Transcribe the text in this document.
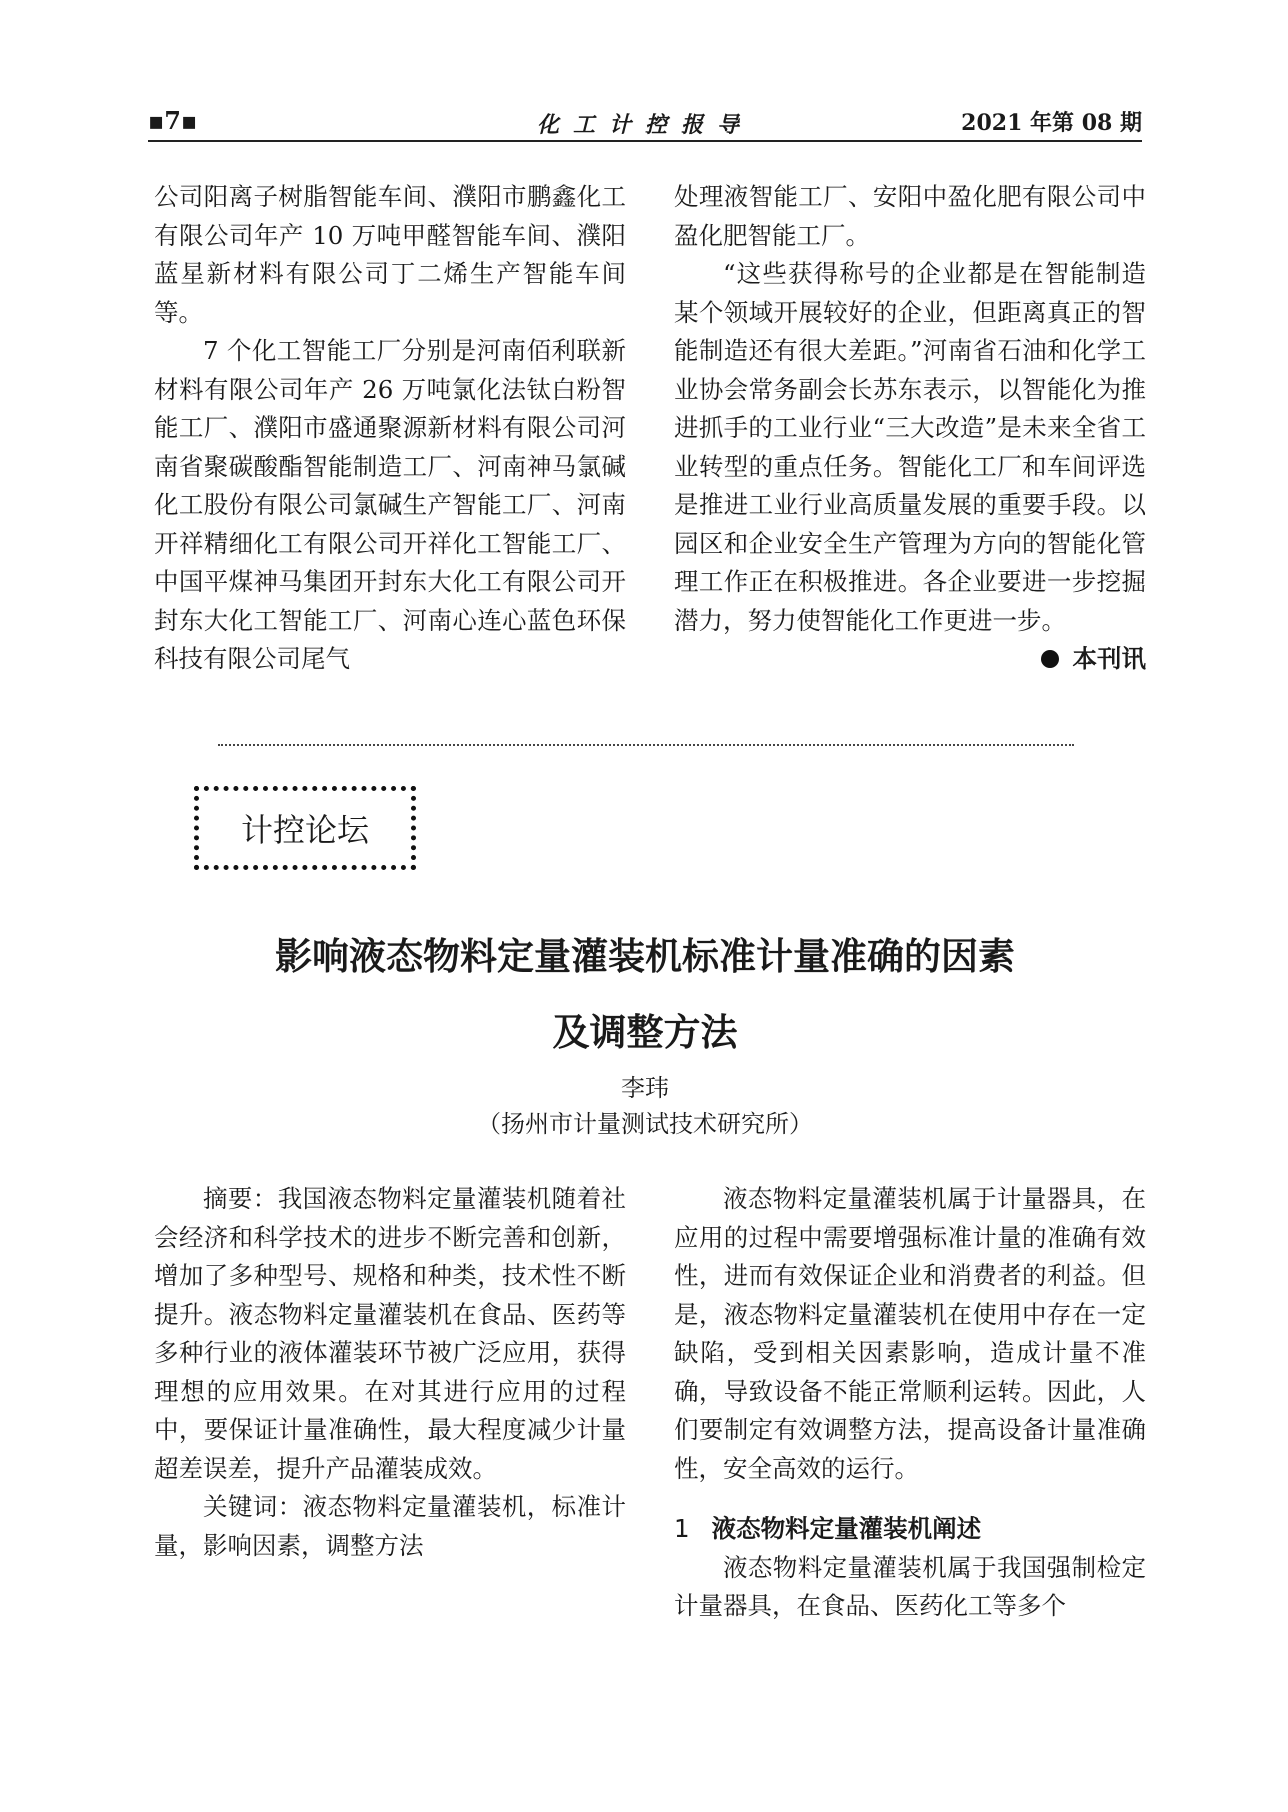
▪7▪	化工计控报导	2021 年第 08 期

公司阳离子树脂智能车间、濮阳市鹏鑫化工有限公司年产 10 万吨甲醛智能车间、濮阳蓝星新材料有限公司丁二烯生产智能车间等。

7 个化工智能工厂分别是河南佰利联新材料有限公司年产 26 万吨氯化法钛白粉智能工厂、濮阳市盛通聚源新材料有限公司河南省聚碳酸酯智能制造工厂、河南神马氯碱化工股份有限公司氯碱生产智能工厂、河南开祥精细化工有限公司开祥化工智能工厂、中国平煤神马集团开封东大化工有限公司开封东大化工智能工厂、河南心连心蓝色环保科技有限公司尾气

处理液智能工厂、安阳中盈化肥有限公司中盈化肥智能工厂。

“这些获得称号的企业都是在智能制造某个领域开展较好的企业，但距离真正的智能制造还有很大差距。”河南省石油和化学工业协会常务副会长苏东表示，以智能化为推进抓手的工业行业“三大改造”是未来全省工业转型的重点任务。智能化工厂和车间评选是推进工业行业高质量发展的重要手段。以园区和企业安全生产管理为方向的智能化管理工作正在积极推进。各企业要进一步挖掘潜力，努力使智能化工作更进一步。

本刊讯

计控论坛
影响液态物料定量灌装机标准计量准确的因素
及调整方法
李玮
（扬州市计量测试技术研究所）

摘要：我国液态物料定量灌装机随着社会经济和科学技术的进步不断完善和创新，增加了多种型号、规格和种类，技术性不断提升。液态物料定量灌装机在食品、医药等多种行业的液体灌装环节被广泛应用，获得理想的应用效果。在对其进行应用的过程中，要保证计量准确性，最大程度减少计量超差误差，提升产品灌装成效。

关键词：液态物料定量灌装机，标准计量，影响因素，调整方法

液态物料定量灌装机属于计量器具，在应用的过程中需要增强标准计量的准确有效性，进而有效保证企业和消费者的利益。但是，液态物料定量灌装机在使用中存在一定缺陷，受到相关因素影响，造成计量不准确，导致设备不能正常顺利运转。因此，人们要制定有效调整方法，提高设备计量准确性，安全高效的运行。

1 液态物料定量灌装机阐述

液态物料定量灌装机属于我国强制检定计量器具，在食品、医药化工等多个
